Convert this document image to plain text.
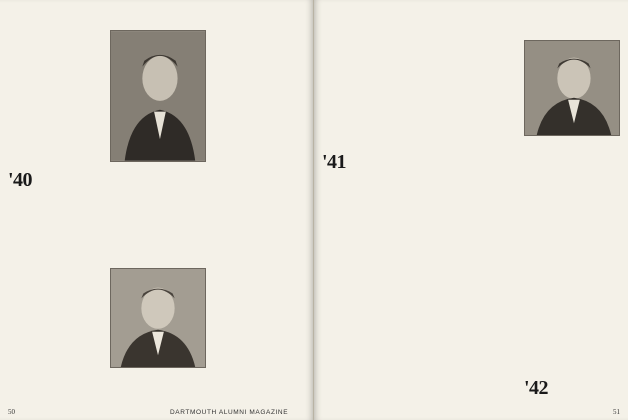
'40

50	DARTMOUTH ALUMNI MAGAZINE

'41

'42

51
